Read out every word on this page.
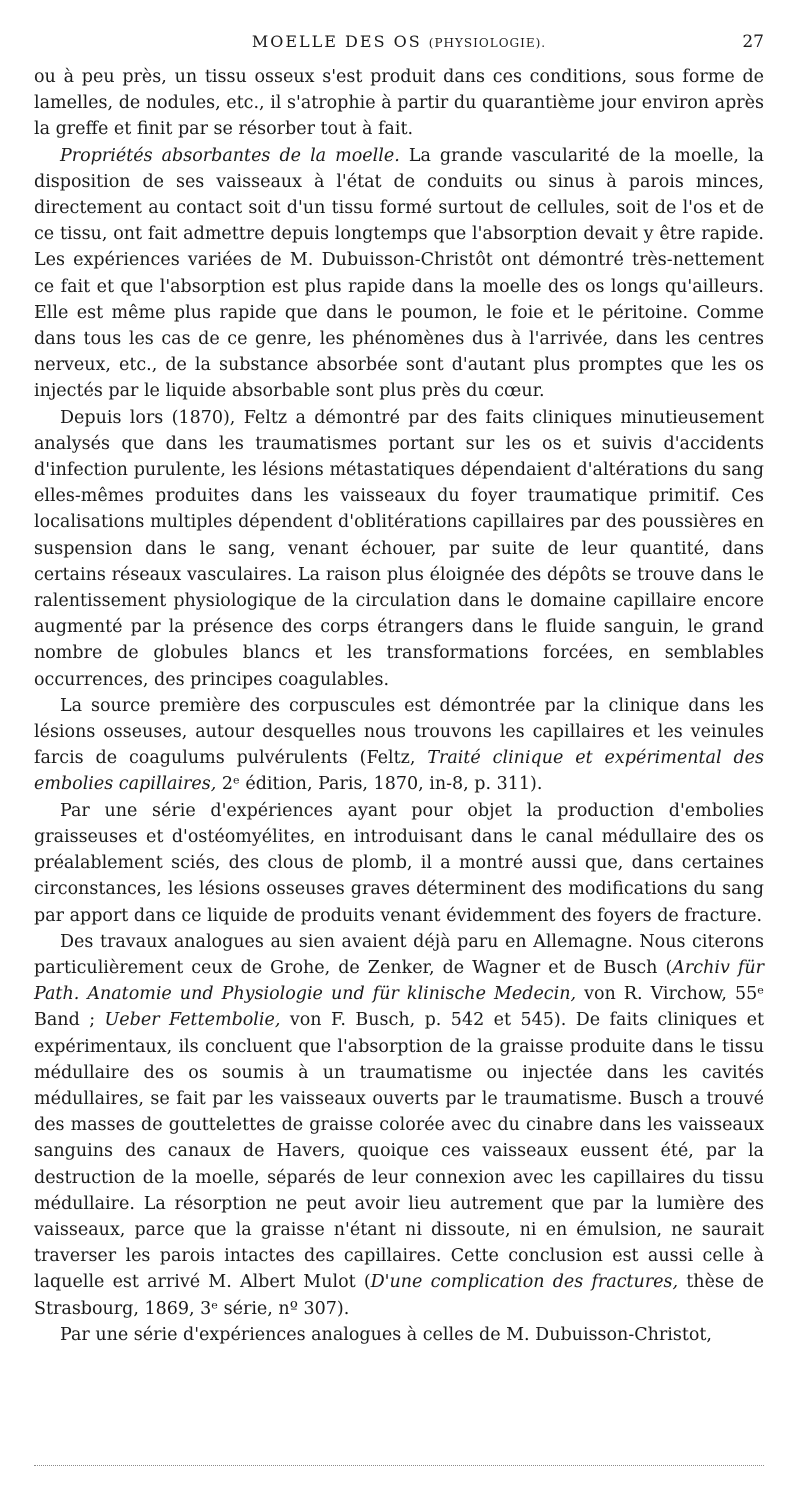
MOELLE DES OS (PHYSIOLOGIE).	27

ou à peu près, un tissu osseux s'est produit dans ces conditions, sous forme de lamelles, de nodules, etc., il s'atrophie à partir du quarantième jour environ après la greffe et finit par se résorber tout à fait.

Propriétés absorbantes de la moelle. La grande vascularité de la moelle, la disposition de ses vaisseaux à l'état de conduits ou sinus à parois minces, directement au contact soit d'un tissu formé surtout de cellules, soit de l'os et de ce tissu, ont fait admettre depuis longtemps que l'absorption devait y être rapide. Les expériences variées de M. Dubuisson-Christôt ont démontré très-nettement ce fait et que l'absorption est plus rapide dans la moelle des os longs qu'ailleurs. Elle est même plus rapide que dans le poumon, le foie et le péritoine. Comme dans tous les cas de ce genre, les phénomènes dus à l'arrivée, dans les centres nerveux, etc., de la substance absorbée sont d'autant plus promptes que les os injectés par le liquide absorbable sont plus près du cœur.

Depuis lors (1870), Feltz a démontré par des faits cliniques minutieusement analysés que dans les traumatismes portant sur les os et suivis d'accidents d'infection purulente, les lésions métastatiques dépendaient d'altérations du sang elles-mêmes produites dans les vaisseaux du foyer traumatique primitif. Ces localisations multiples dépendent d'oblitérations capillaires par des poussières en suspension dans le sang, venant échouer, par suite de leur quantité, dans certains réseaux vasculaires. La raison plus éloignée des dépôts se trouve dans le ralentissement physiologique de la circulation dans le domaine capillaire encore augmenté par la présence des corps étrangers dans le fluide sanguin, le grand nombre de globules blancs et les transformations forcées, en semblables occurrences, des principes coagulables.

La source première des corpuscules est démontrée par la clinique dans les lésions osseuses, autour desquelles nous trouvons les capillaires et les veinules farcis de coagulums pulvérulents (Feltz, Traité clinique et expérimental des embolies capillaires, 2ᵉ édition, Paris, 1870, in-8, p. 311).

Par une série d'expériences ayant pour objet la production d'embolies graisseuses et d'ostéomyélites, en introduisant dans le canal médullaire des os préalablement sciés, des clous de plomb, il a montré aussi que, dans certaines circonstances, les lésions osseuses graves déterminent des modifications du sang par apport dans ce liquide de produits venant évidemment des foyers de fracture.

Des travaux analogues au sien avaient déjà paru en Allemagne. Nous citerons particulièrement ceux de Grohe, de Zenker, de Wagner et de Busch (Archiv für Path. Anatomie und Physiologie und für klinische Medecin, von R. Virchow, 55ᵉ Band ; Ueber Fettembolie, von F. Busch, p. 542 et 545). De faits cliniques et expérimentaux, ils concluent que l'absorption de la graisse produite dans le tissu médullaire des os soumis à un traumatisme ou injectée dans les cavités médullaires, se fait par les vaisseaux ouverts par le traumatisme. Busch a trouvé des masses de gouttelettes de graisse colorée avec du cinabre dans les vaisseaux sanguins des canaux de Havers, quoique ces vaisseaux eussent été, par la destruction de la moelle, séparés de leur connexion avec les capillaires du tissu médullaire. La résorption ne peut avoir lieu autrement que par la lumière des vaisseaux, parce que la graisse n'étant ni dissoute, ni en émulsion, ne saurait traverser les parois intactes des capillaires. Cette conclusion est aussi celle à laquelle est arrivé M. Albert Mulot (D'une complication des fractures, thèse de Strasbourg, 1869, 3ᵉ série, nº 307).

Par une série d'expériences analogues à celles de M. Dubuisson-Christot,
